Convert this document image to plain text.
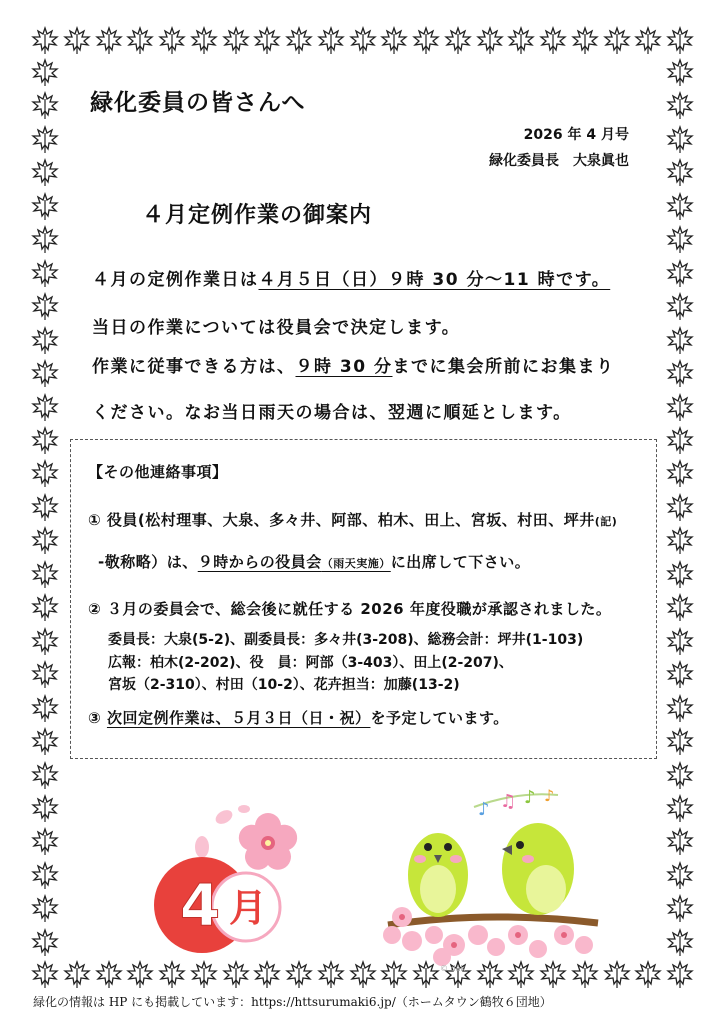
緑化委員の皆さんへ
2026 年 4 月号
緑化委員長　大泉眞也
４月定例作業の御案内
４月の定例作業日は４月５日（日）９時 30 分～11 時です。
当日の作業については役員会で決定します。
作業に従事できる方は、９時 30 分までに集会所前にお集まり
ください。なお当日雨天の場合は、翌週に順延とします。
【その他連絡事項】
① 役員(松村理事、大泉、多々井、阿部、柏木、田上、宮坂、村田、坪井(記)
-敬称略）は、９時からの役員会（雨天実施）に出席して下さい。
② ３月の委員会で、総会後に就任する 2026 年度役職が承認されました。
委員長：大泉(5-2)、副委員長：多々井(3-208)、総務会計：坪井(1-103)
広報：柏木(2-202)、役　員：阿部（3-403）、田上(2-207)、
宮坂（2-310）、村田（10-2）、花卉担当：加藤(13-2)
③ 次回定例作業は、５月３日（日・祝）を予定しています。
4 月
♪ ♫ ♪ ♪
© dak
緑化の情報は HP にも掲載しています：https://httsurumaki6.jp/（ホームタウン鶴牧６団地）
